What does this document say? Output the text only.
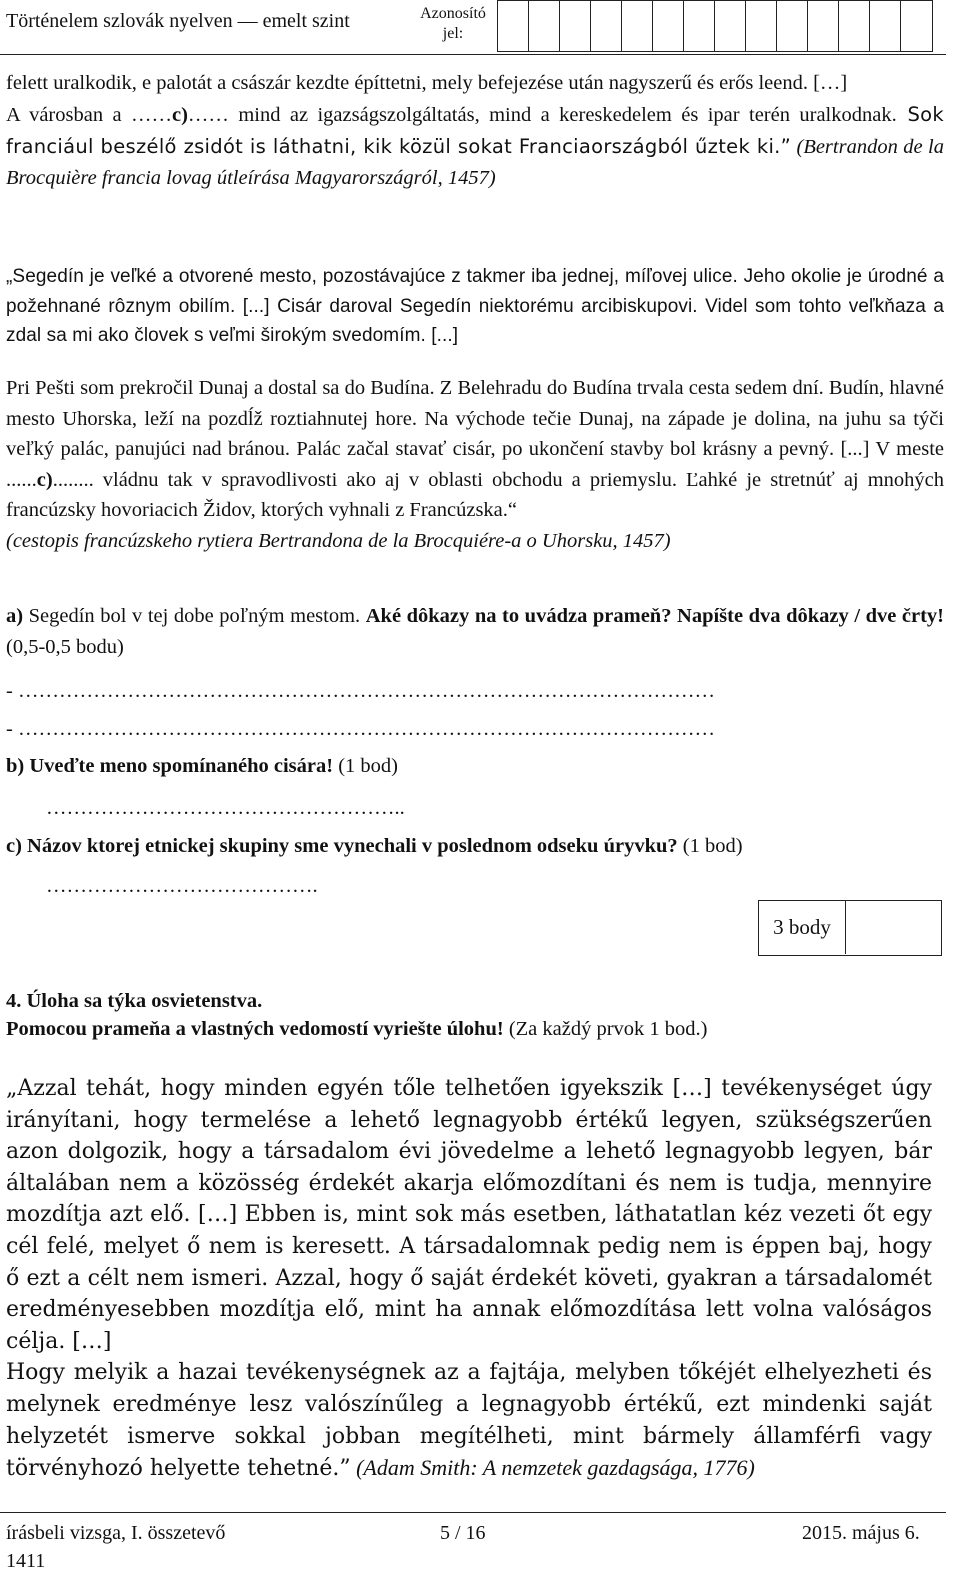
Történelem szlovák nyelven — emelt szint	Azonosító jel:

felett uralkodik, e palotát a császár kezdte építtetni, mely befejezése után nagyszerű és erős leend. […]
A városban a ……c)…… mind az igazságszolgáltatás, mind a kereskedelem és ipar terén uralkodnak. Sok franciául beszélő zsidót is láthatni, kik közül sokat Franciaországból űztek ki.” (Bertrandon de la Brocquière francia lovag útleírása Magyarországról, 1457)

„Segedín je veľké a otvorené mesto, pozostávajúce z takmer iba jednej, míľovej ulice. Jeho okolie je úrodné a požehnané rôznym obilím. [...] Cisár daroval Segedín niektorému arcibiskupovi. Videl som tohto veľkňaza a zdal sa mi ako človek s veľmi širokým svedomím. [...]

Pri Pešti som prekročil Dunaj a dostal sa do Budína. Z Belehradu do Budína trvala cesta sedem dní. Budín, hlavné mesto Uhorska, leží na pozdĺž roztiahnutej hore. Na východe tečie Dunaj, na západe je dolina, na juhu sa týči veľký palác, panujúci nad bránou. Palác začal stavať cisár, po ukončení stavby bol krásny a pevný. [...] V meste ......c)........ vládnu tak v spravodlivosti ako aj v oblasti obchodu a priemyslu. Ľahké je stretnúť aj mnohých francúzsky hovoriacich Židov, ktorých vyhnali z Francúzska.“
(cestopis francúzskeho rytiera Bertrandona de la Brocquiére-a o Uhorsku, 1457)

a) Segedín bol v tej dobe poľným mestom. Aké dôkazy na to uvádza prameň? Napíšte dva dôkazy / dve črty! (0,5-0,5 bodu)

- …………………………………………………………………………………………
- …………………………………………………………………………………………
b) Uveďte meno spomínaného cisára! (1 bod)
……………………………………………..
c) Názov ktorej etnickej skupiny sme vynechali v poslednom odseku úryvku? (1 bod)
………………………………….
3 body
4. Úloha sa týka osvietenstva.
Pomocou prameňa a vlastných vedomostí vyriešte úlohu! (Za každý prvok 1 bod.)

„Azzal tehát, hogy minden egyén tőle telhetően igyekszik […] tevékenységet úgy irányítani, hogy termelése a lehető legnagyobb értékű legyen, szükségszerűen azon dolgozik, hogy a társadalom évi jövedelme a lehető legnagyobb legyen, bár általában nem a közösség érdekét akarja előmozdítani és nem is tudja, mennyire mozdítja azt elő. […] Ebben is, mint sok más esetben, láthatatlan kéz vezeti őt egy cél felé, melyet ő nem is keresett. A társadalomnak pedig nem is éppen baj, hogy ő ezt a célt nem ismeri. Azzal, hogy ő saját érdekét követi, gyakran a társadalomét eredményesebben mozdítja elő, mint ha annak előmozdítása lett volna valóságos célja. […]
Hogy melyik a hazai tevékenységnek az a fajtája, melyben tőkéjét elhelyezheti és melynek eredménye lesz valószínűleg a legnagyobb értékű, ezt mindenki saját helyzetét ismerve sokkal jobban megítélheti, mint bármely államférfi vagy törvényhozó helyette tehetné.” (Adam Smith: A nemzetek gazdagsága, 1776)

írásbeli vizsga, I. összetevő	5 / 16	2015. május 6.
1411
